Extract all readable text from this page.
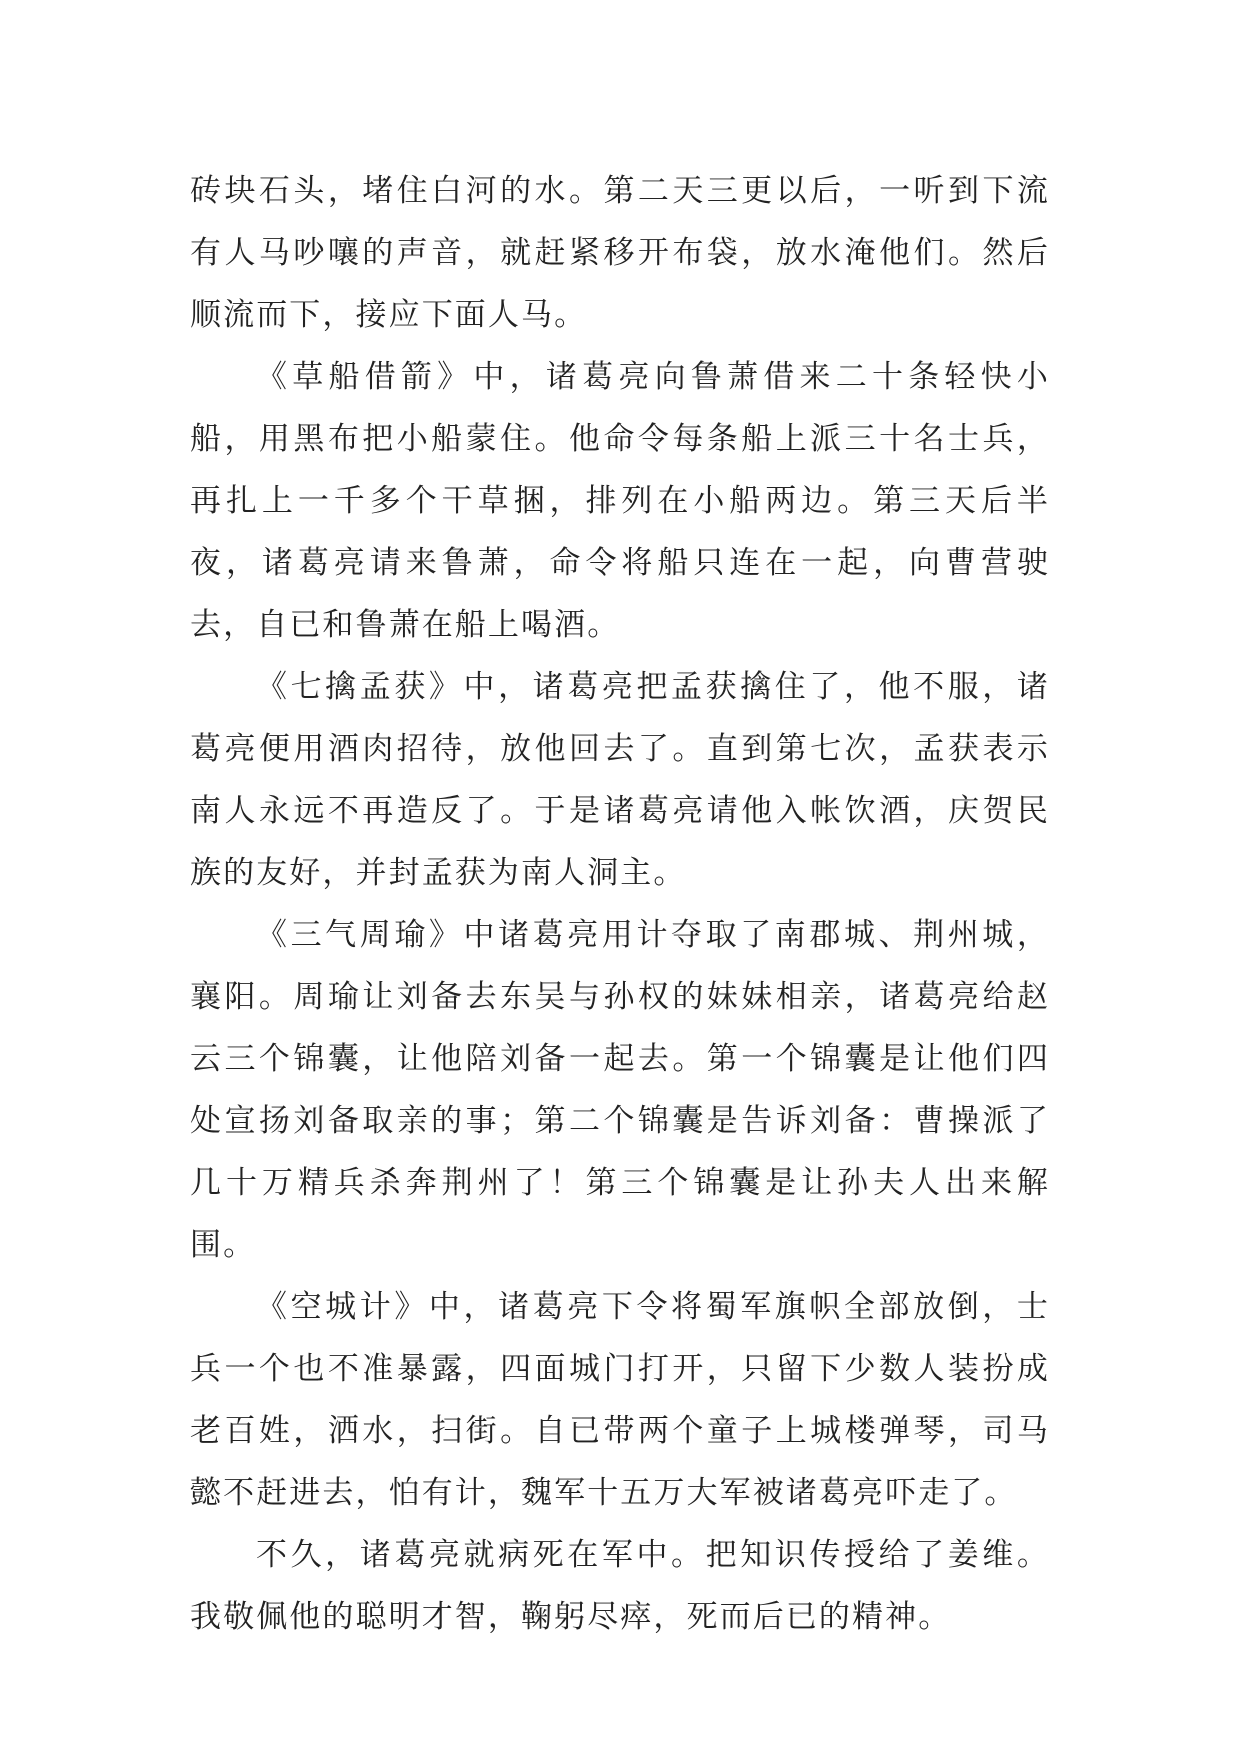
砖块石头，堵住白河的水。第二天三更以后，一听到下流有人马吵嚷的声音，就赶紧移开布袋，放水淹他们。然后顺流而下，接应下面人马。

《草船借箭》中，诸葛亮向鲁萧借来二十条轻快小船，用黑布把小船蒙住。他命令每条船上派三十名士兵，再扎上一千多个干草捆，排列在小船两边。第三天后半夜，诸葛亮请来鲁萧，命令将船只连在一起，向曹营驶去，自已和鲁萧在船上喝酒。

《七擒孟获》中，诸葛亮把孟获擒住了，他不服，诸葛亮便用酒肉招待，放他回去了。直到第七次，孟获表示南人永远不再造反了。于是诸葛亮请他入帐饮酒，庆贺民族的友好，并封孟获为南人洞主。

《三气周瑜》中诸葛亮用计夺取了南郡城、荆州城，襄阳。周瑜让刘备去东吴与孙权的妹妹相亲，诸葛亮给赵云三个锦囊，让他陪刘备一起去。第一个锦囊是让他们四处宣扬刘备取亲的事；第二个锦囊是告诉刘备：曹操派了几十万精兵杀奔荆州了！第三个锦囊是让孙夫人出来解围。

《空城计》中，诸葛亮下令将蜀军旗帜全部放倒，士兵一个也不准暴露，四面城门打开，只留下少数人装扮成老百姓，洒水，扫街。自已带两个童子上城楼弹琴，司马懿不赶进去，怕有计，魏军十五万大军被诸葛亮吓走了。

不久，诸葛亮就病死在军中。把知识传授给了姜维。我敬佩他的聪明才智，鞠躬尽瘁，死而后已的精神。
